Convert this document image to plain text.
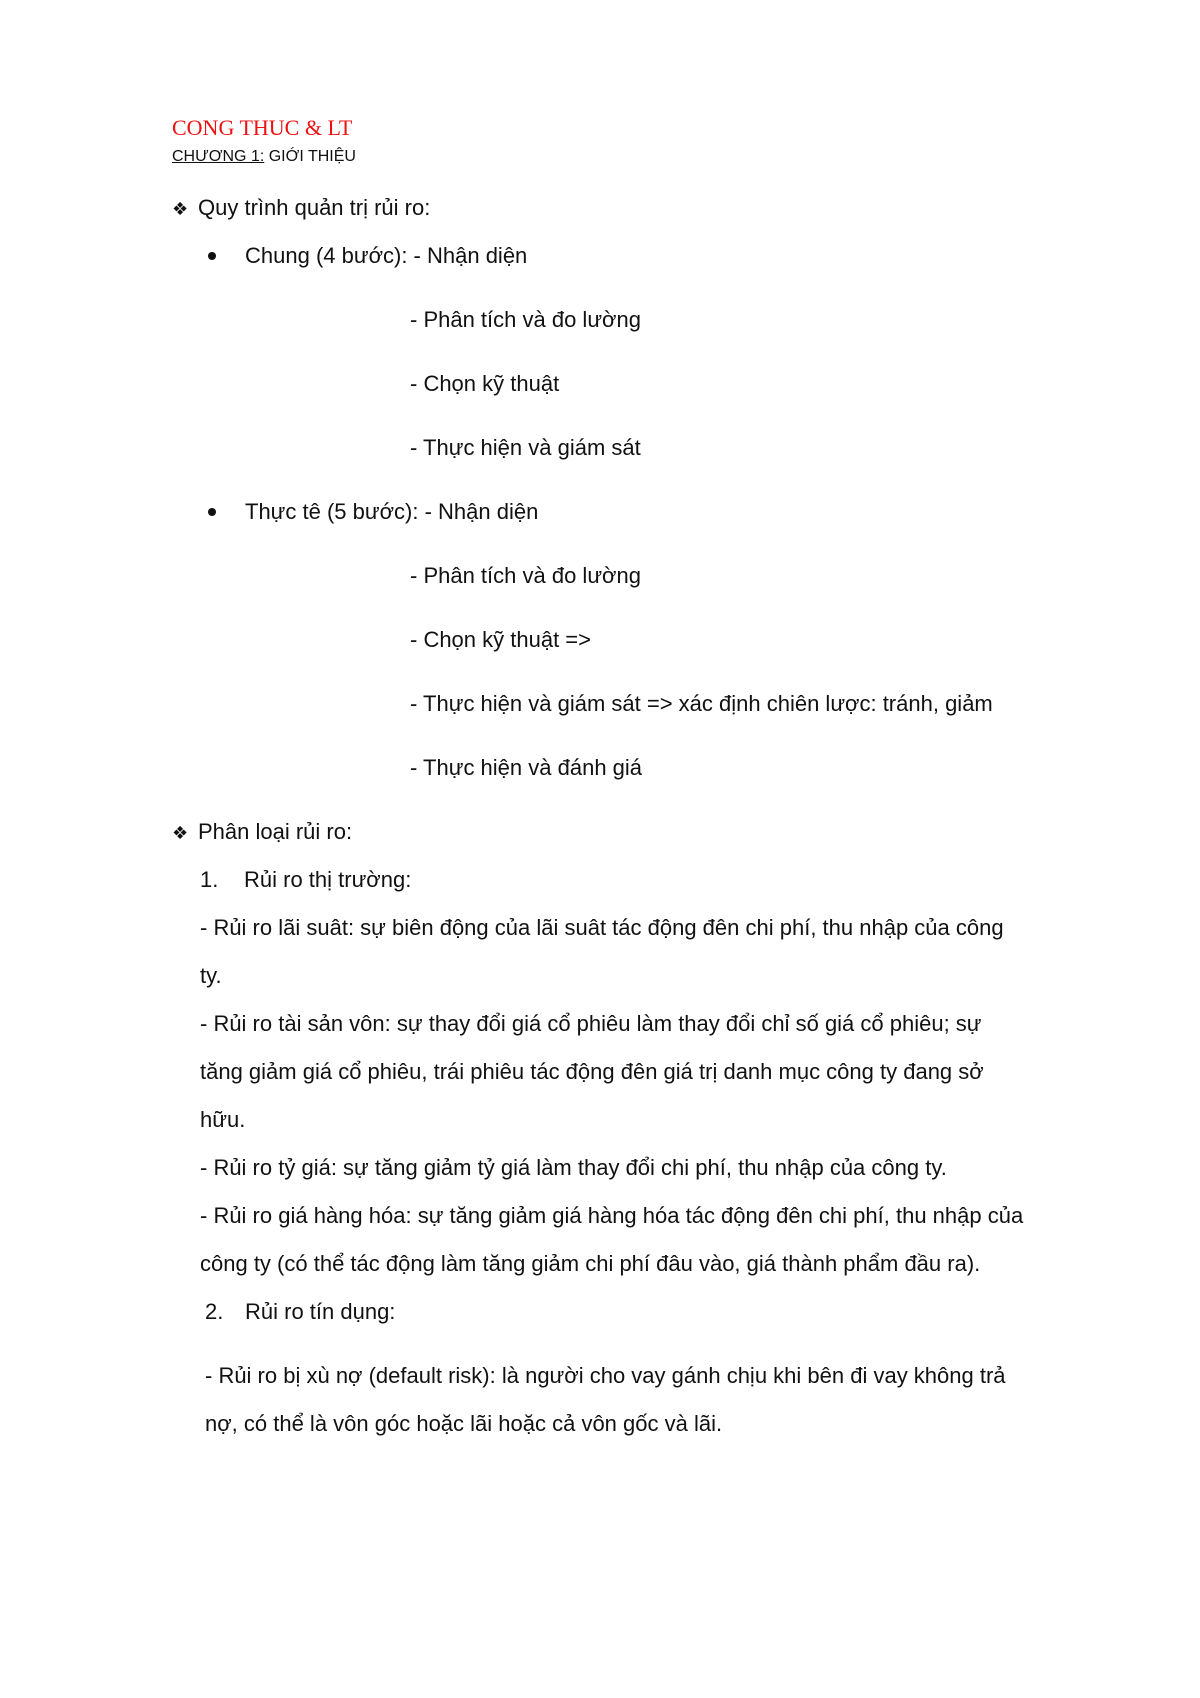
CONG THUC & LT
CHƯƠNG 1: GIỚI THIỆU
❖ Quy trình quản trị rủi ro:
Chung (4 bước): - Nhận diện
- Phân tích và đo lường
- Chọn kỹ thuật
- Thực hiện và giám sát
Thực tê (5 bước): - Nhận diện
- Phân tích và đo lường
- Chọn kỹ thuật =>
- Thực hiện và giám sát => xác định chiên lược: tránh, giảm
- Thực hiện và đánh giá
❖ Phân loại rủi ro:
1. Rủi ro thị trường:
- Rủi ro lãi suât: sự biên động của lãi suât tác động đên chi phí, thu nhập của công
ty.
- Rủi ro tài sản vôn: sự thay đổi giá cổ phiêu làm thay đổi chỉ số giá cổ phiêu; sự
tăng giảm giá cổ phiêu, trái phiêu tác động đên giá trị danh mục công ty đang sở
hữu.
- Rủi ro tỷ giá: sự tăng giảm tỷ giá làm thay đổi chi phí, thu nhập của công ty.
- Rủi ro giá hàng hóa: sự tăng giảm giá hàng hóa tác động đên chi phí, thu nhập của
công ty (có thể tác động làm tăng giảm chi phí đâu vào, giá thành phẩm đầu ra).
2. Rủi ro tín dụng:
- Rủi ro bị xù nợ (default risk): là người cho vay gánh chịu khi bên đi vay không trả
nợ, có thể là vôn góc hoặc lãi hoặc cả vôn gốc và lãi.
